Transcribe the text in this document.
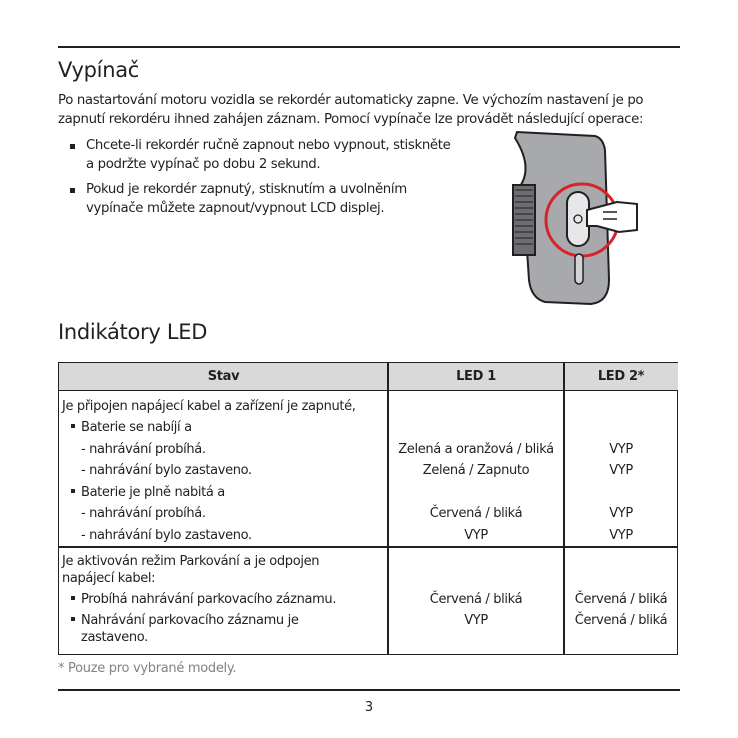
Vypínač
Po nastartování motoru vozidla se rekordér automaticky zapne. Ve výchozím nastavení je po
zapnutí rekordéru ihned zahájen záznam. Pomocí vypínače lze provádět následující operace:
Chcete-li rekordér ručně zapnout nebo vypnout, stiskněte
a podržte vypínač po dobu 2 sekund.
Pokud je rekordér zapnutý, stisknutím a uvolněním
vypínače můžete zapnout/vypnout LCD displej.
Indikátory LED
Stav	LED 1	LED 2*
Je připojen napájecí kabel a zařízení je zapnuté,
Baterie se nabíjí a
- nahrávání probíhá.	Zelená a oranžová / bliká	VYP
- nahrávání bylo zastaveno.	Zelená / Zapnuto	VYP
Baterie je plně nabitá a
- nahrávání probíhá.	Červená / bliká	VYP
- nahrávání bylo zastaveno.	VYP	VYP
Je aktivován režim Parkování a je odpojen
napájecí kabel:
Probíhá nahrávání parkovacího záznamu.	Červená / bliká	Červená / bliká
Nahrávání parkovacího záznamu je	VYP	Červená / bliká
zastaveno.
* Pouze pro vybrané modely.
3
